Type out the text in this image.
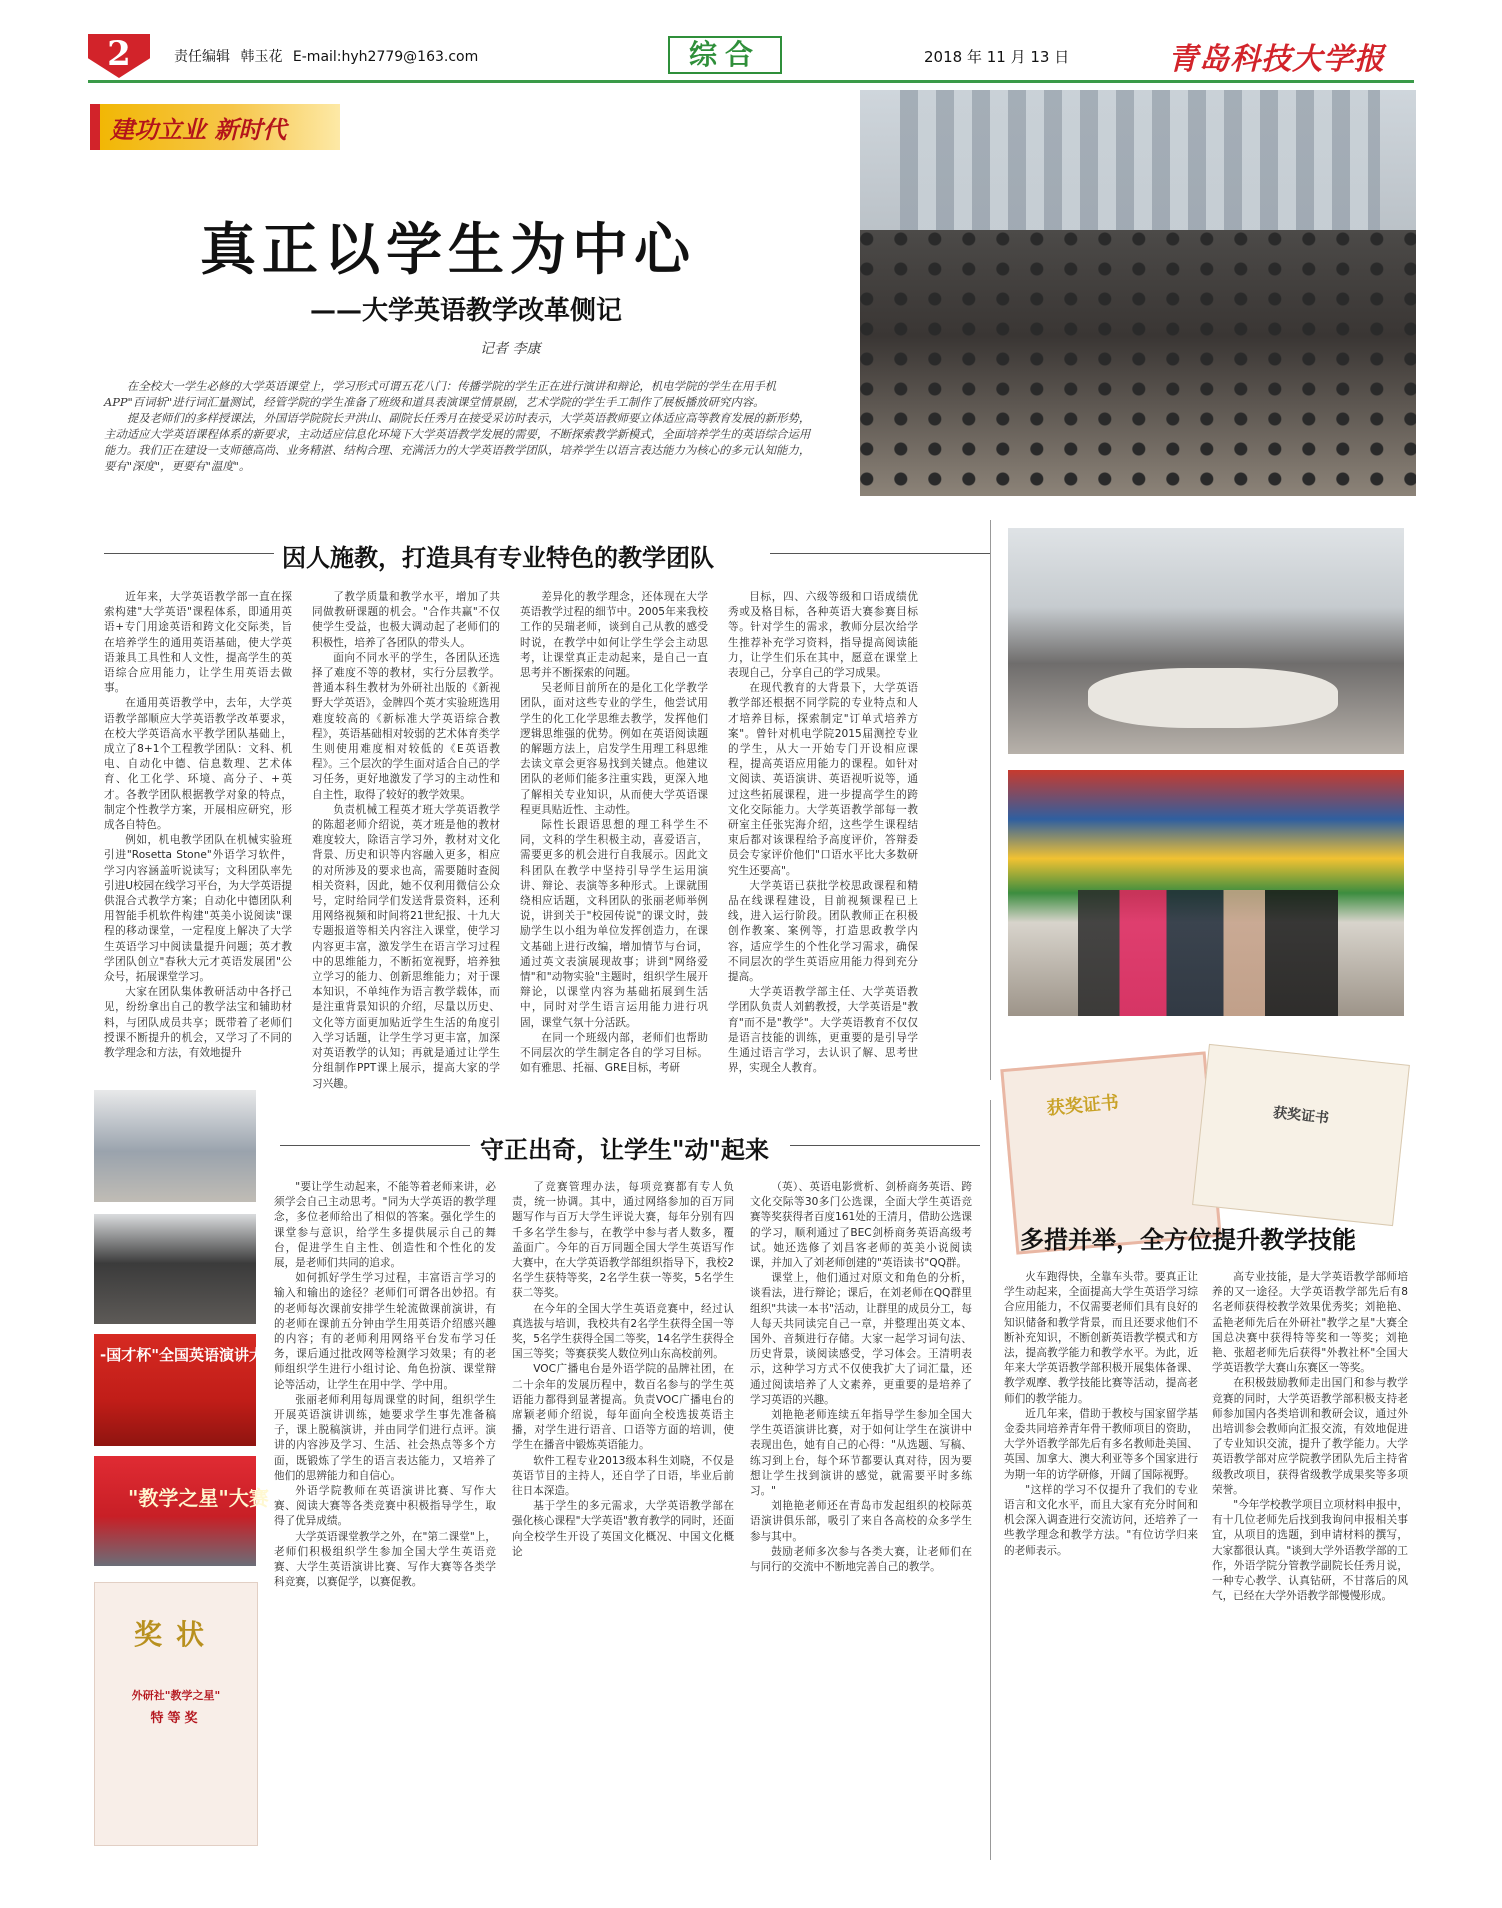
2	责任编辑 韩玉花 E-mail:hyh2779@163.com	综合	2018 年 11 月 13 日	青岛科技大学报
建功立业 新时代
真正以学生为中心
——大学英语教学改革侧记
记者 李康

在全校大一学生必修的大学英语课堂上，学习形式可谓五花八门：传播学院的学生正在进行演讲和辩论，机电学院的学生在用手机APP"百词斩"进行词汇量测试，经管学院的学生准备了班级和道具表演课堂情景剧，艺术学院的学生手工制作了展板播放研究内容。

提及老师们的多样授课法，外国语学院院长尹洪山、副院长任秀月在接受采访时表示，大学英语教师要立体适应高等教育发展的新形势，主动适应大学英语课程体系的新要求，主动适应信息化环境下大学英语教学发展的需要，不断探索教学新模式，全面培养学生的英语综合运用能力。我们正在建设一支师德高尚、业务精湛、结构合理、充满活力的大学英语教学团队，培养学生以语言表达能力为核心的多元认知能力，要有"深度"，更要有"温度"。

获奖证书	获奖证书
-国才杯"全国英语演讲大赛
"教学之星"大赛
奖状
外研社"教学之星"
特等奖
因人施教，打造具有专业特色的教学团队
守正出奇，让学生"动"起来
多措并举，全方位提升教学技能

近年来，大学英语教学部一直在探索构建"大学英语"课程体系，即通用英语+专门用途英语和跨文化交际类，旨在培养学生的通用英语基础，使大学英语兼具工具性和人文性，提高学生的英语综合应用能力，让学生用英语去做事。

在通用英语教学中，去年，大学英语教学部顺应大学英语教学改革要求，在校大学英语高水平教学团队基础上，成立了8+1个工程教学团队：文科、机电、自动化中德、信息数理、艺术体育、化工化学、环境、高分子、+英才。各教学团队根据教学对象的特点，制定个性教学方案，开展相应研究，形成各自特色。

例如，机电教学团队在机械实验班引进"Rosetta Stone"外语学习软件，学习内容涵盖听说读写；文科团队率先引进U校园在线学习平台，为大学英语提供混合式教学方案；自动化中德团队利用智能手机软件构建"英美小说阅读"课程的移动课堂，一定程度上解决了大学生英语学习中阅读量提升问题；英才教学团队创立"春秋大元才英语发展团"公众号，拓展课堂学习。

大家在团队集体教研活动中各抒己见，纷纷拿出自己的教学法宝和辅助材料，与团队成员共享；既带着了老师们授课不断提升的机会，又学习了不同的教学理念和方法，有效地提升

了教学质量和教学水平，增加了共同做教研课题的机会。"合作共赢"不仅使学生受益，也极大调动起了老师们的积极性，培养了各团队的带头人。

面向不同水平的学生，各团队还选择了难度不等的教材，实行分层教学。普通本科生教材为外研社出版的《新视野大学英语》，金牌四个英才实验班选用难度较高的《新标准大学英语综合教程》，英语基础相对较弱的艺术体育类学生则使用难度相对较低的《E英语教程》。三个层次的学生面对适合自己的学习任务，更好地激发了学习的主动性和自主性，取得了较好的教学效果。

负责机械工程英才班大学英语教学的陈超老师介绍说，英才班是他的教材难度较大，除语言学习外，教材对文化背景、历史和识等内容融入更多，相应的对所涉及的要求也高，需要随时查阅相关资料，因此，她不仅利用微信公众号，定时给同学们发送背景资料，还利用网络视频和时间将21世纪报、十九大专题报道等相关内容注入课堂，使学习内容更丰富，激发学生在语言学习过程中的思维能力，不断拓宽视野，培养独立学习的能力、创新思维能力；对于课本知识，不单纯作为语言教学载体，而是注重背景知识的介绍，尽量以历史、文化等方面更加贴近学生生活的角度引入学习话题，让学生学习更丰富，加深对英语教学的认知；再就是通过让学生分组制作PPT课上展示，提高大家的学习兴趣。

差异化的教学理念，还体现在大学英语教学过程的细节中。2005年来我校工作的吴瑞老师，谈到自己从教的感受时说，在教学中如何让学生学会主动思考，让课堂真正走动起来，是自己一直思考并不断探索的问题。

吴老师目前所在的是化工化学教学团队，面对这些专业的学生，他尝试用学生的化工化学思维去教学，发挥他们逻辑思维强的优势。例如在英语阅读题的解题方法上，启发学生用理工科思维去读文章会更容易找到关键点。他建议团队的老师们能多注重实践，更深入地了解相关专业知识，从而使大学英语课程更具贴近性、主动性。

际性长跟语思想的理工科学生不同，文科的学生积极主动，喜爱语言，需要更多的机会进行自我展示。因此文科团队在教学中坚持引导学生运用演讲、辩论、表演等多种形式。上课就围绕相应话题，文科团队的张丽老师举例说，讲到关于"校园传说"的课文时，鼓励学生以小组为单位发挥创造力，在课文基础上进行改编，增加情节与台词，通过英文表演展现故事；讲到"网络爱情"和"动物实验"主题时，组织学生展开辩论，以课堂内容为基础拓展到生活中，同时对学生语言运用能力进行巩固，课堂气氛十分活跃。

在同一个班级内部，老师们也帮助不同层次的学生制定各自的学习目标。如有雅思、托福、GRE目标，考研

目标，四、六级等级和口语成绩优秀或及格目标，各种英语大赛参赛目标等。针对学生的需求，教师分层次给学生推荐补充学习资料，指导提高阅读能力，让学生们乐在其中，愿意在课堂上表现自己，分享自己的学习成果。

在现代教育的大背景下，大学英语教学部还根据不同学院的专业特点和人才培养目标，探索制定"订单式培养方案"。曾针对机电学院2015届测控专业的学生，从大一开始专门开设相应课程，提高英语应用能力的课程。如针对文阅读、英语演讲、英语视听说等，通过这些拓展课程，进一步提高学生的跨文化交际能力。大学英语教学部每一教研室主任张宪海介绍，这些学生课程结束后都对该课程给予高度评价，答辩委员会专家评价他们"口语水平比大多数研究生还要高"。

大学英语已获批学校思政课程和精品在线课程建设，目前视频课程已上线，进入运行阶段。团队教师正在积极创作教案、案例等，打造思政教学内容，适应学生的个性化学习需求，确保不同层次的学生英语应用能力得到充分提高。

大学英语教学部主任、大学英语教学团队负责人刘鹤教授，大学英语是"教育"而不是"教学"。大学英语教育不仅仅是语言技能的训练，更重要的是引导学生通过语言学习，去认识了解、思考世界，实现全人教育。

"要让学生动起来，不能等着老师来讲，必须学会自己主动思考。"同为大学英语的教学理念，多位老师给出了相似的答案。强化学生的课堂参与意识，给学生多提供展示自己的舞台，促进学生自主性、创造性和个性化的发展，是老师们共同的追求。

如何抓好学生学习过程，丰富语言学习的输入和输出的途径？老师们可谓各出妙招。有的老师每次课前安排学生轮流做课前演讲，有的老师在课前五分钟由学生用英语介绍感兴趣的内容；有的老师利用网络平台发布学习任务，课后通过批改网等检测学习效果；有的老师组织学生进行小组讨论、角色扮演、课堂辩论等活动，让学生在用中学、学中用。

张丽老师利用每周课堂的时间，组织学生开展英语演讲训练，她要求学生事先准备稿子，课上脱稿演讲，并由同学们进行点评。演讲的内容涉及学习、生活、社会热点等多个方面，既锻炼了学生的语言表达能力，又培养了他们的思辨能力和自信心。

外语学院教师在英语演讲比赛、写作大赛、阅读大赛等各类竞赛中积极指导学生，取得了优异成绩。

大学英语课堂教学之外，在"第二课堂"上，老师们积极组织学生参加全国大学生英语竞赛、大学生英语演讲比赛、写作大赛等各类学科竞赛，以赛促学，以赛促教。

了竞赛管理办法，每项竞赛都有专人负责，统一协调。其中，通过网络参加的百万同题写作与百万大学生评说大赛，每年分别有四千多名学生参与，在教学中参与者人数多，覆盖面广。今年的百万同题全国大学生英语写作大赛中，在大学英语教学部组织指导下，我校2名学生获特等奖，2名学生获一等奖，5名学生获二等奖。

在今年的全国大学生英语竞赛中，经过认真选拔与培训，我校共有2名学生获得全国一等奖，5名学生获得全国二等奖，14名学生获得全国三等奖；等赛获奖人数位列山东高校前列。

VOC广播电台是外语学院的品牌社团，在二十余年的发展历程中，数百名参与的学生英语能力都得到显著提高。负责VOC广播电台的席颖老师介绍说，每年面向全校选拔英语主播，对学生进行语音、口语等方面的培训，使学生在播音中锻炼英语能力。

软件工程专业2013级本科生刘晓，不仅是英语节目的主持人，还自学了日语，毕业后前往日本深造。

基于学生的多元需求，大学英语教学部在强化核心课程"大学英语"教育教学的同时，还面向全校学生开设了英国文化概况、中国文化概论

（英）、英语电影赏析、剑桥商务英语、跨文化交际等30多门公选课，全面大学生英语竞赛等奖获得者百度161处的王清月，借助公选课的学习，顺利通过了BEC剑桥商务英语高级考试。她还选修了刘昌客老师的英美小说阅读课，并加入了刘老师创建的"英语读书"QQ群。

课堂上，他们通过对原文和角色的分析，谈看法，进行辩论；课后，在刘老师在QQ群里组织"共读一本书"活动，让群里的成员分工，每人每天共同读完自己一章，并整理出英文本、国外、音频进行存储。大家一起学习词句法、历史背景，谈阅读感受，学习体会。王清明表示，这种学习方式不仅使我扩大了词汇量，还通过阅读培养了人文素养，更重要的是培养了学习英语的兴趣。

刘艳艳老师连续五年指导学生参加全国大学生英语演讲比赛，对于如何让学生在演讲中表现出色，她有自己的心得："从选题、写稿、练习到上台，每个环节都要认真对待，因为要想让学生找到演讲的感觉，就需要平时多练习。"

刘艳艳老师还在青岛市发起组织的校际英语演讲俱乐部，吸引了来自各高校的众多学生参与其中。

鼓励老师多次参与各类大赛，让老师们在与同行的交流中不断地完善自己的教学。

火车跑得快，全靠车头带。要真正让学生动起来，全面提高大学生英语学习综合应用能力，不仅需要老师们具有良好的知识储备和教学背景，而且还要求他们不断补充知识，不断创新英语教学模式和方法，提高教学能力和教学水平。为此，近年来大学英语教学部积极开展集体备课、教学观摩、教学技能比赛等活动，提高老师们的教学能力。

近几年来，借助于教校与国家留学基金委共同培养青年骨干教师项目的资助，大学外语教学部先后有多名教师赴美国、英国、加拿大、澳大利亚等多个国家进行为期一年的访学研修，开阔了国际视野。

"这样的学习不仅提升了我们的专业语言和文化水平，而且大家有充分时间和机会深入调查进行交流访问，还培养了一些教学理念和教学方法。"有位访学归来的老师表示。

高专业技能，是大学英语教学部师培养的又一途径。大学英语教学部先后有8名老师获得校教学效果优秀奖；刘艳艳、孟艳老师先后在外研社"教学之星"大赛全国总决赛中获得特等奖和一等奖；刘艳艳、张超老师先后获得"外教社杯"全国大学英语教学大赛山东赛区一等奖。

在积极鼓励教师走出国门和参与教学竞赛的同时，大学英语教学部积极支持老师参加国内各类培训和教研会议，通过外出培训参会教师向汇报交流，有效地促进了专业知识交流，提升了教学能力。大学英语教学部对应学院教学团队先后主持省级教改项目，获得省级教学成果奖等多项荣誉。

"今年学校教学项目立项材料申报中，有十几位老师先后找到我询问申报相关事宜，从项目的选题，到申请材料的撰写，大家都很认真。"谈到大学外语教学部的工作，外语学院分管教学副院长任秀月说，一种专心教学、认真钻研，不甘落后的风气，已经在大学外语教学部慢慢形成。
